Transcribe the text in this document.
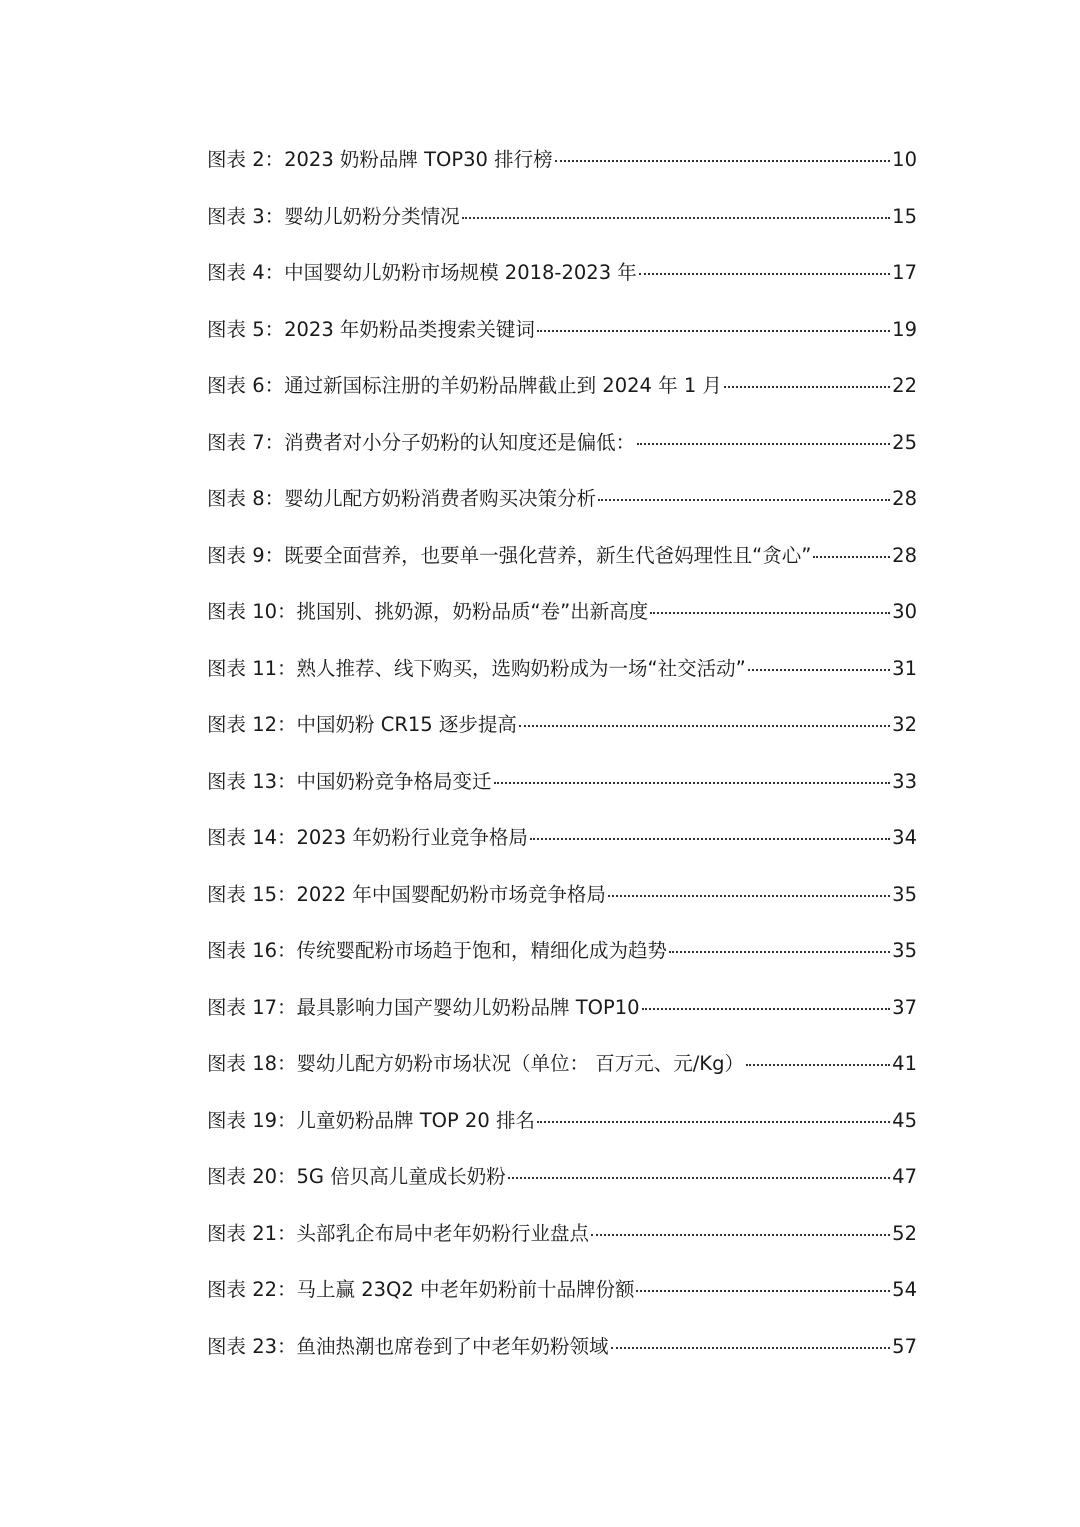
图表 2： 2023 奶粉品牌 TOP30 排行榜	10
图表 3： 婴幼儿奶粉分类情况	15
图表 4： 中国婴幼儿奶粉市场规模 2018-2023 年	17
图表 5： 2023 年奶粉品类搜索关键词	19
图表 6： 通过新国标注册的羊奶粉品牌截止到 2024 年 1 月	22
图表 7： 消费者对小分子奶粉的认知度还是偏低：	25
图表 8： 婴幼儿配方奶粉消费者购买决策分析	28
图表 9： 既要全面营养，也要单一强化营养，新生代爸妈理性且“贪心”	28
图表 10： 挑国别、挑奶源，奶粉品质“卷”出新高度	30
图表 11： 熟人推荐、线下购买，选购奶粉成为一场“社交活动”	31
图表 12： 中国奶粉 CR15 逐步提高	32
图表 13： 中国奶粉竞争格局变迁	33
图表 14： 2023 年奶粉行业竞争格局	34
图表 15： 2022 年中国婴配奶粉市场竞争格局	35
图表 16： 传统婴配粉市场趋于饱和，精细化成为趋势	35
图表 17： 最具影响力国产婴幼儿奶粉品牌 TOP10	37
图表 18： 婴幼儿配方奶粉市场状况（单位： 百万元、元/Kg）	41
图表 19： 儿童奶粉品牌 TOP 20 排名	45
图表 20： 5G 倍贝高儿童成长奶粉	47
图表 21： 头部乳企布局中老年奶粉行业盘点	52
图表 22： 马上赢 23Q2 中老年奶粉前十品牌份额	54
图表 23： 鱼油热潮也席卷到了中老年奶粉领域	57
